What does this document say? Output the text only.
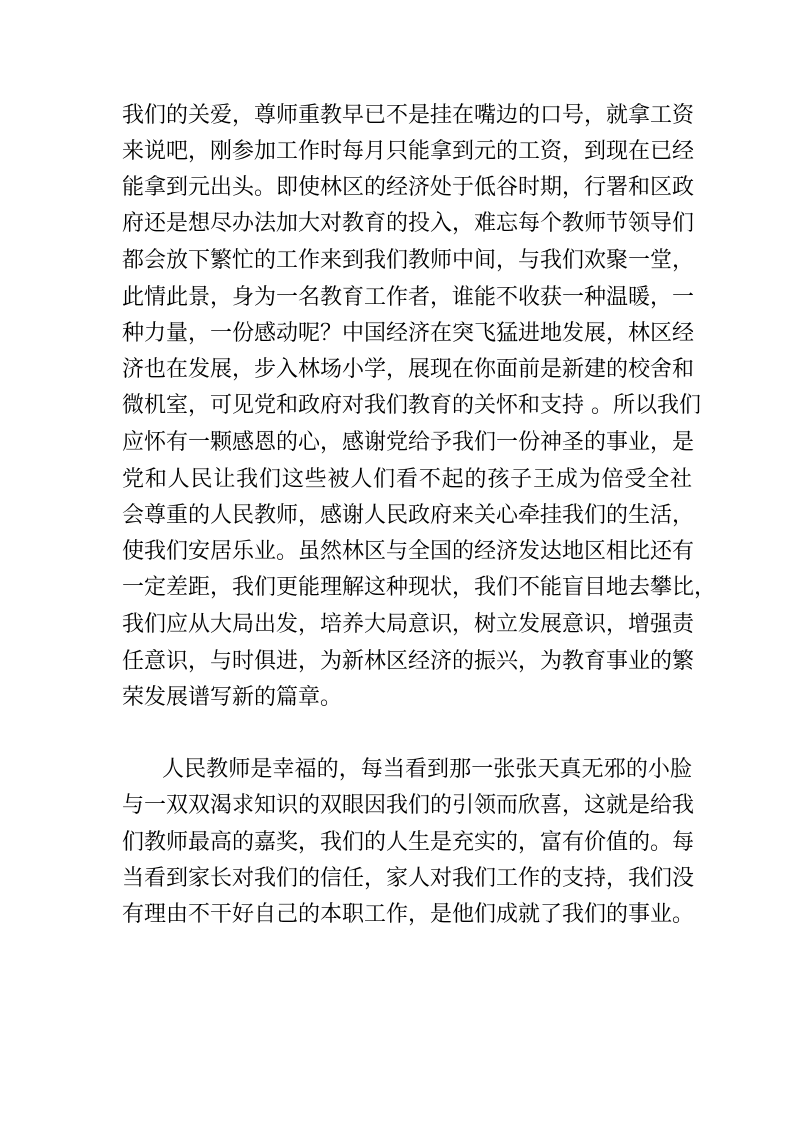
我们的关爱，尊师重教早已不是挂在嘴边的口号，就拿工资
来说吧，刚参加工作时每月只能拿到元的工资，到现在已经
能拿到元出头。即使林区的经济处于低谷时期，行署和区政
府还是想尽办法加大对教育的投入，难忘每个教师节领导们
都会放下繁忙的工作来到我们教师中间，与我们欢聚一堂，
此情此景，身为一名教育工作者，谁能不收获一种温暖，一
种力量，一份感动呢？中国经济在突飞猛进地发展，林区经
济也在发展，步入林场小学，展现在你面前是新建的校舍和
微机室，可见党和政府对我们教育的关怀和支持 。所以我们
应怀有一颗感恩的心，感谢党给予我们一份神圣的事业，是
党和人民让我们这些被人们看不起的孩子王成为倍受全社
会尊重的人民教师，感谢人民政府来关心牵挂我们的生活，
使我们安居乐业。虽然林区与全国的经济发达地区相比还有
一定差距，我们更能理解这种现状，我们不能盲目地去攀比，
我们应从大局出发，培养大局意识，树立发展意识，增强责
任意识，与时俱进，为新林区经济的振兴，为教育事业的繁
荣发展谱写新的篇章。
人民教师是幸福的，每当看到那一张张天真无邪的小脸
与一双双渴求知识的双眼因我们的引领而欣喜，这就是给我
们教师最高的嘉奖，我们的人生是充实的，富有价值的。每
当看到家长对我们的信任，家人对我们工作的支持，我们没
有理由不干好自己的本职工作，是他们成就了我们的事业。
